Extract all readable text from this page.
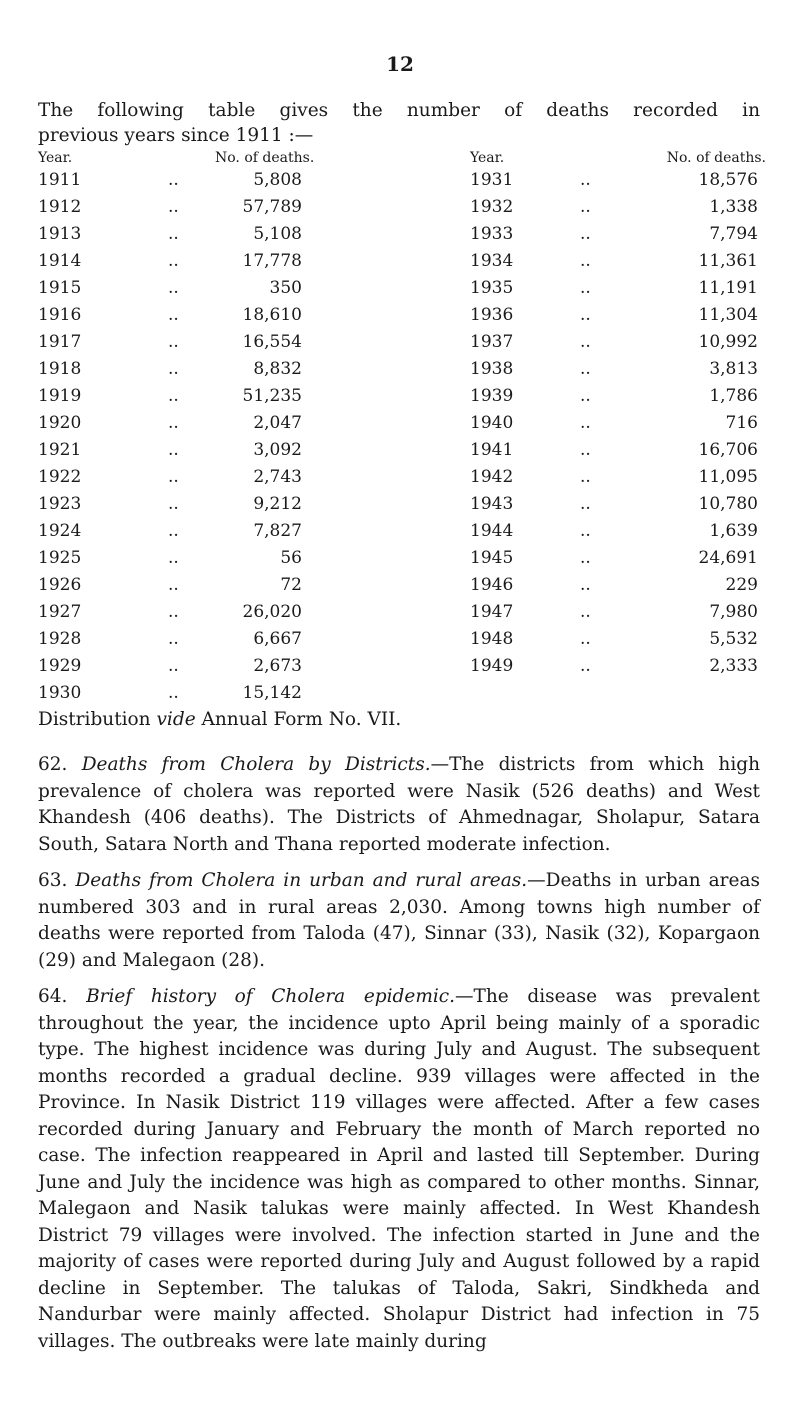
12
The following table gives the number of deaths recorded in
previous years since 1911 :—
Year.	No. of deaths.	Year.	No. of deaths.
1911	..	5,808	1931	..	18,576
1912	..	57,789	1932	..	1,338
1913	..	5,108	1933	..	7,794
1914	..	17,778	1934	..	11,361
1915	..	350	1935	..	11,191
1916	..	18,610	1936	..	11,304
1917	..	16,554	1937	..	10,992
1918	..	8,832	1938	..	3,813
1919	..	51,235	1939	..	1,786
1920	..	2,047	1940	..	716
1921	..	3,092	1941	..	16,706
1922	..	2,743	1942	..	11,095
1923	..	9,212	1943	..	10,780
1924	..	7,827	1944	..	1,639
1925	..	56	1945	..	24,691
1926	..	72	1946	..	229
1927	..	26,020	1947	..	7,980
1928	..	6,667	1948	..	5,532
1929	..	2,673	1949	..	2,333
1930	..	15,142
Distribution vide Annual Form No. VII.

62. Deaths from Cholera by Districts.—The districts from which high prevalence of cholera was reported were Nasik (526 deaths) and West Khandesh (406 deaths). The Districts of Ahmednagar, Sholapur, Satara South, Satara North and Thana reported moderate infection.

63. Deaths from Cholera in urban and rural areas.—Deaths in urban areas numbered 303 and in rural areas 2,030. Among towns high number of deaths were reported from Taloda (47), Sinnar (33), Nasik (32), Kopargaon (29) and Malegaon (28).

64. Brief history of Cholera epidemic.—The disease was prevalent throughout the year, the incidence upto April being mainly of a sporadic type. The highest incidence was during July and August. The subsequent months recorded a gradual decline. 939 villages were affected in the Province. In Nasik District 119 villages were affected. After a few cases recorded during January and February the month of March reported no case. The infection reappeared in April and lasted till September. During June and July the incidence was high as compared to other months. Sinnar, Malegaon and Nasik talukas were mainly affected. In West Khandesh District 79 villages were involved. The infection started in June and the majority of cases were reported during July and August followed by a rapid decline in September. The talukas of Taloda, Sakri, Sindkheda and Nandurbar were mainly affected. Sholapur District had infection in 75 villages. The outbreaks were late mainly during
